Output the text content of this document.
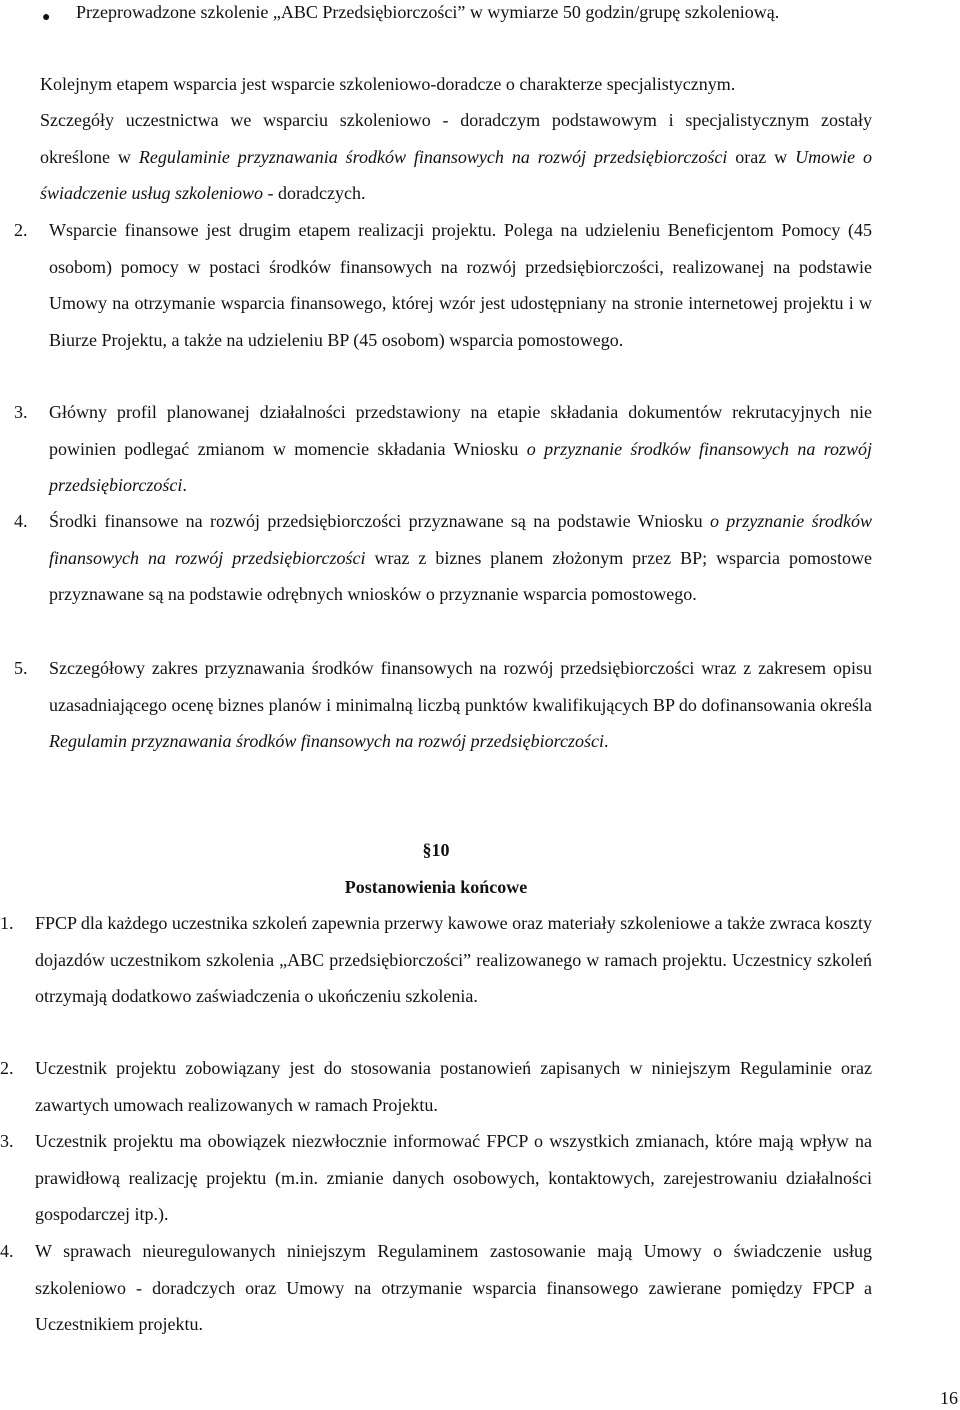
● Przeprowadzone szkolenie „ABC Przedsiębiorczości” w wymiarze 50 godzin/grupę szkoleniową.

Kolejnym etapem wsparcia jest wsparcie szkoleniowo-doradcze o charakterze specjalistycznym.

Szczegóły uczestnictwa we wsparciu szkoleniowo - doradczym podstawowym i specjalistycznym zostały określone w Regulaminie przyznawania środków finansowych na rozwój przedsiębiorczości oraz w Umowie o świadczenie usług szkoleniowo - doradczych.

2. Wsparcie finansowe jest drugim etapem realizacji projektu. Polega na udzieleniu Beneficjentom Pomocy (45 osobom) pomocy w postaci środków finansowych na rozwój przedsiębiorczości, realizowanej na podstawie Umowy na otrzymanie wsparcia finansowego, której wzór jest udostępniany na stronie internetowej projektu i w Biurze Projektu, a także na udzieleniu BP (45 osobom) wsparcia pomostowego.

3. Główny profil planowanej działalności przedstawiony na etapie składania dokumentów rekrutacyjnych nie powinien podlegać zmianom w momencie składania Wniosku o przyznanie środków finansowych na rozwój przedsiębiorczości.

4. Środki finansowe na rozwój przedsiębiorczości przyznawane są na podstawie Wniosku o przyznanie środków finansowych na rozwój przedsiębiorczości wraz z biznes planem złożonym przez BP; wsparcia pomostowe przyznawane są na podstawie odrębnych wniosków o przyznanie wsparcia pomostowego.

5. Szczegółowy zakres przyznawania środków finansowych na rozwój przedsiębiorczości wraz z zakresem opisu uzasadniającego ocenę biznes planów i minimalną liczbą punktów kwalifikujących BP do dofinansowania określa Regulamin przyznawania środków finansowych na rozwój przedsiębiorczości.

§10
Postanowienia końcowe
1. FPCP dla każdego uczestnika szkoleń zapewnia przerwy kawowe oraz materiały szkoleniowe a także zwraca koszty dojazdów uczestnikom szkolenia „ABC przedsiębiorczości” realizowanego w ramach projektu. Uczestnicy szkoleń otrzymają dodatkowo zaświadczenia o ukończeniu szkolenia.

2. Uczestnik projektu zobowiązany jest do stosowania postanowień zapisanych w niniejszym Regulaminie oraz zawartych umowach realizowanych w ramach Projektu.

3. Uczestnik projektu ma obowiązek niezwłocznie informować FPCP o wszystkich zmianach, które mają wpływ na prawidłową realizację projektu (m.in. zmianie danych osobowych, kontaktowych, zarejestrowaniu działalności gospodarczej itp.).

4. W sprawach nieuregulowanych niniejszym Regulaminem zastosowanie mają Umowy o świadczenie usług szkoleniowo - doradczych oraz Umowy na otrzymanie wsparcia finansowego zawierane pomiędzy FPCP a Uczestnikiem projektu.

16
